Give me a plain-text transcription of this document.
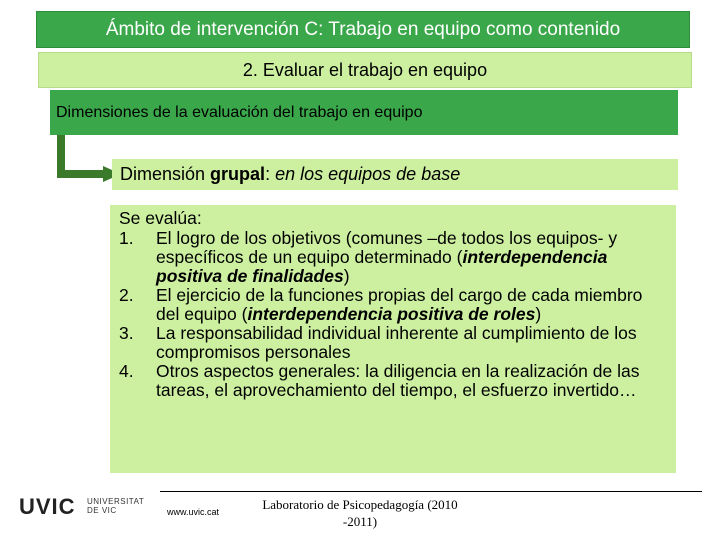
Ámbito de intervención C: Trabajo en equipo como contenido
2. Evaluar el trabajo en equipo
Dimensiones de la evaluación del trabajo en equipo
Dimensión grupal: en los equipos de base
Se evalúa:
1.	El logro de los objetivos (comunes –de todos los equipos- y específicos de un equipo determinado (interdependencia positiva de finalidades)
2.	El ejercicio de la funciones propias del cargo de cada miembro del equipo (interdependencia positiva de roles)
3.	La responsabilidad individual inherente al cumplimiento de los compromisos personales
4.	Otros aspectos generales: la diligencia en la realización de las tareas, el aprovechamiento del tiempo, el esfuerzo invertido…
UVIC UNIVERSITAT
DE VIC	www.uvic.cat	Laboratorio de Psicopedagogía (2010
-2011)
